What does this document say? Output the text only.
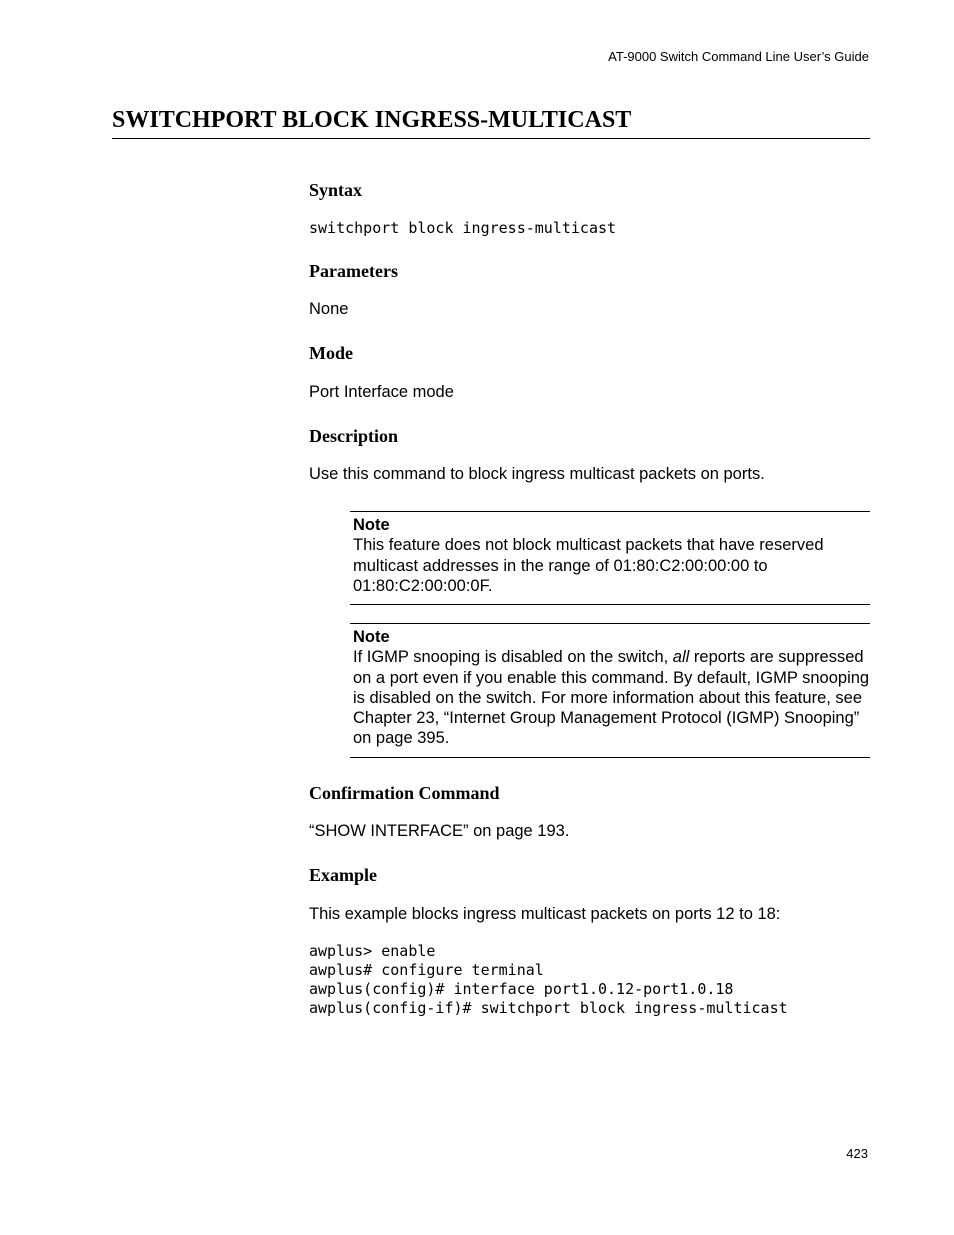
AT-9000 Switch Command Line User’s Guide
SWITCHPORT BLOCK INGRESS-MULTICAST
Syntax
switchport block ingress-multicast
Parameters
None
Mode
Port Interface mode
Description
Use this command to block ingress multicast packets on ports.
Note
This feature does not block multicast packets that have reserved multicast addresses in the range of 01:80:C2:00:00:00 to 01:80:C2:00:00:0F.
Note
If IGMP snooping is disabled on the switch, all reports are suppressed on a port even if you enable this command. By default, IGMP snooping is disabled on the switch. For more information about this feature, see Chapter 23, “Internet Group Management Protocol (IGMP) Snooping” on page 395.
Confirmation Command
“SHOW INTERFACE” on page 193.
Example
This example blocks ingress multicast packets on ports 12 to 18:
awplus> enable
awplus# configure terminal
awplus(config)# interface port1.0.12-port1.0.18
awplus(config-if)# switchport block ingress-multicast
423
